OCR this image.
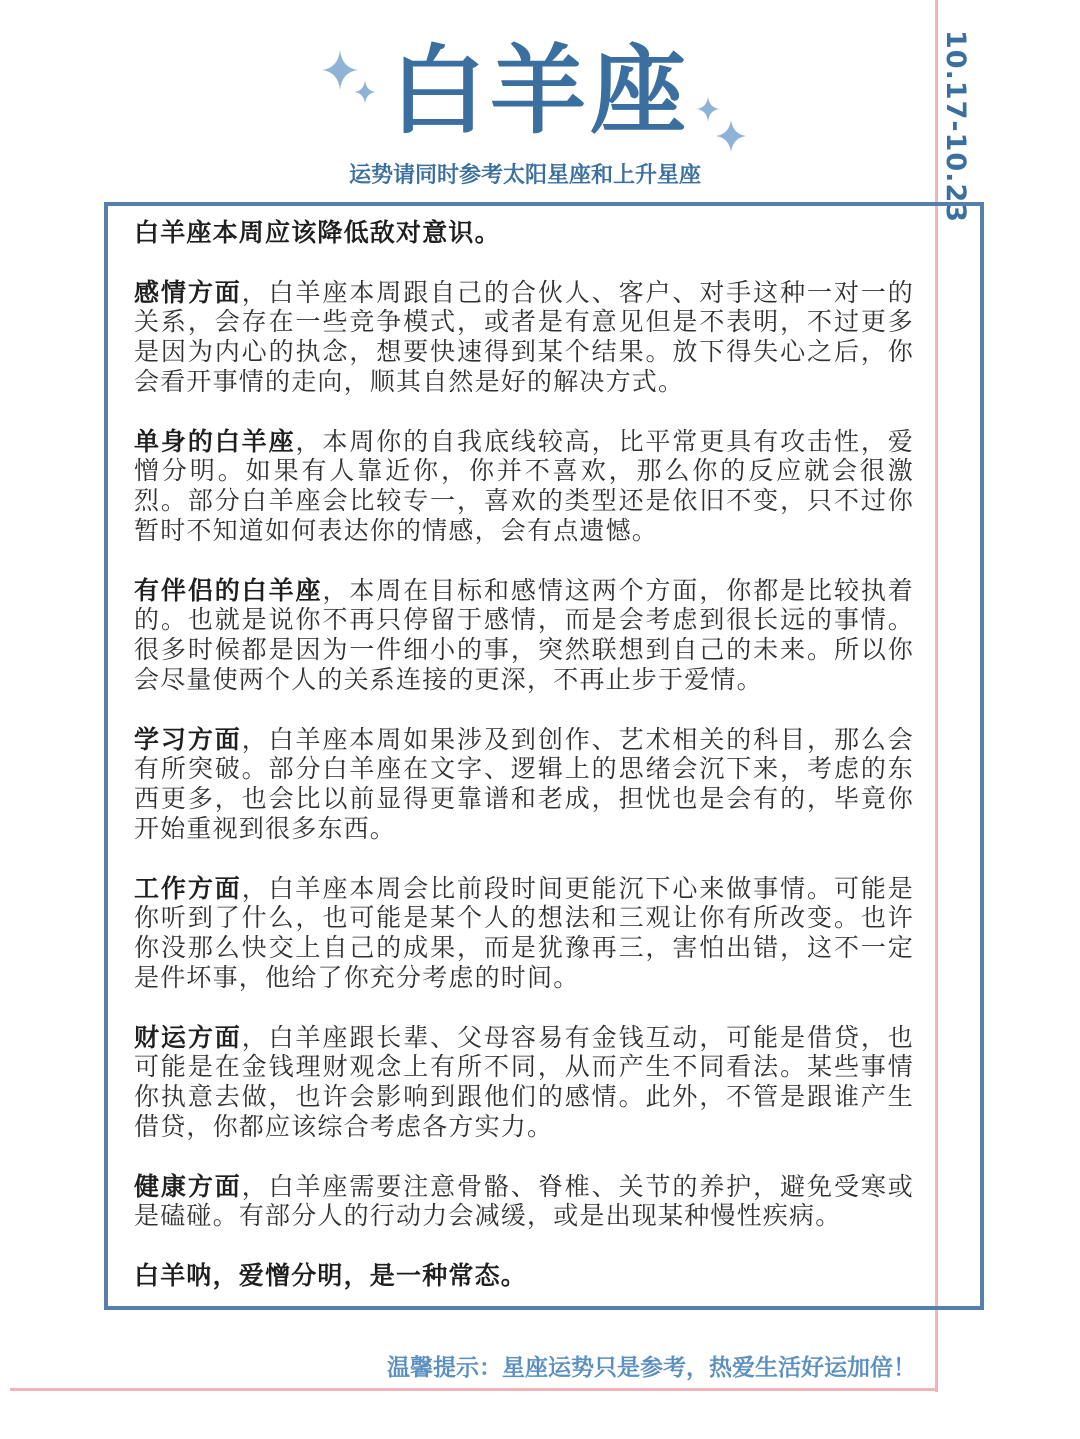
白羊座
运势请同时参考太阳星座和上升星座	10.17-10.23

白羊座本周应该降低敌对意识。

感情方面，白羊座本周跟自己的合伙人、客户、对手这种一对一的关系，会存在一些竞争模式，或者是有意见但是不表明，不过更多是因为内心的执念，想要快速得到某个结果。放下得失心之后，你会看开事情的走向，顺其自然是好的解决方式。

单身的白羊座，本周你的自我底线较高，比平常更具有攻击性，爱憎分明。如果有人靠近你，你并不喜欢，那么你的反应就会很激烈。部分白羊座会比较专一，喜欢的类型还是依旧不变，只不过你暂时不知道如何表达你的情感，会有点遗憾。

有伴侣的白羊座，本周在目标和感情这两个方面，你都是比较执着的。也就是说你不再只停留于感情，而是会考虑到很长远的事情。很多时候都是因为一件细小的事，突然联想到自己的未来。所以你会尽量使两个人的关系连接的更深，不再止步于爱情。

学习方面，白羊座本周如果涉及到创作、艺术相关的科目，那么会有所突破。部分白羊座在文字、逻辑上的思绪会沉下来，考虑的东西更多，也会比以前显得更靠谱和老成，担忧也是会有的，毕竟你开始重视到很多东西。

工作方面，白羊座本周会比前段时间更能沉下心来做事情。可能是你听到了什么，也可能是某个人的想法和三观让你有所改变。也许你没那么快交上自己的成果，而是犹豫再三，害怕出错，这不一定是件坏事，他给了你充分考虑的时间。

财运方面，白羊座跟长辈、父母容易有金钱互动，可能是借贷，也可能是在金钱理财观念上有所不同，从而产生不同看法。某些事情你执意去做，也许会影响到跟他们的感情。此外，不管是跟谁产生借贷，你都应该综合考虑各方实力。

健康方面，白羊座需要注意骨骼、脊椎、关节的养护，避免受寒或是磕碰。有部分人的行动力会减缓，或是出现某种慢性疾病。

白羊呐，爱憎分明，是一种常态。

温馨提示：星座运势只是参考，热爱生活好运加倍！
